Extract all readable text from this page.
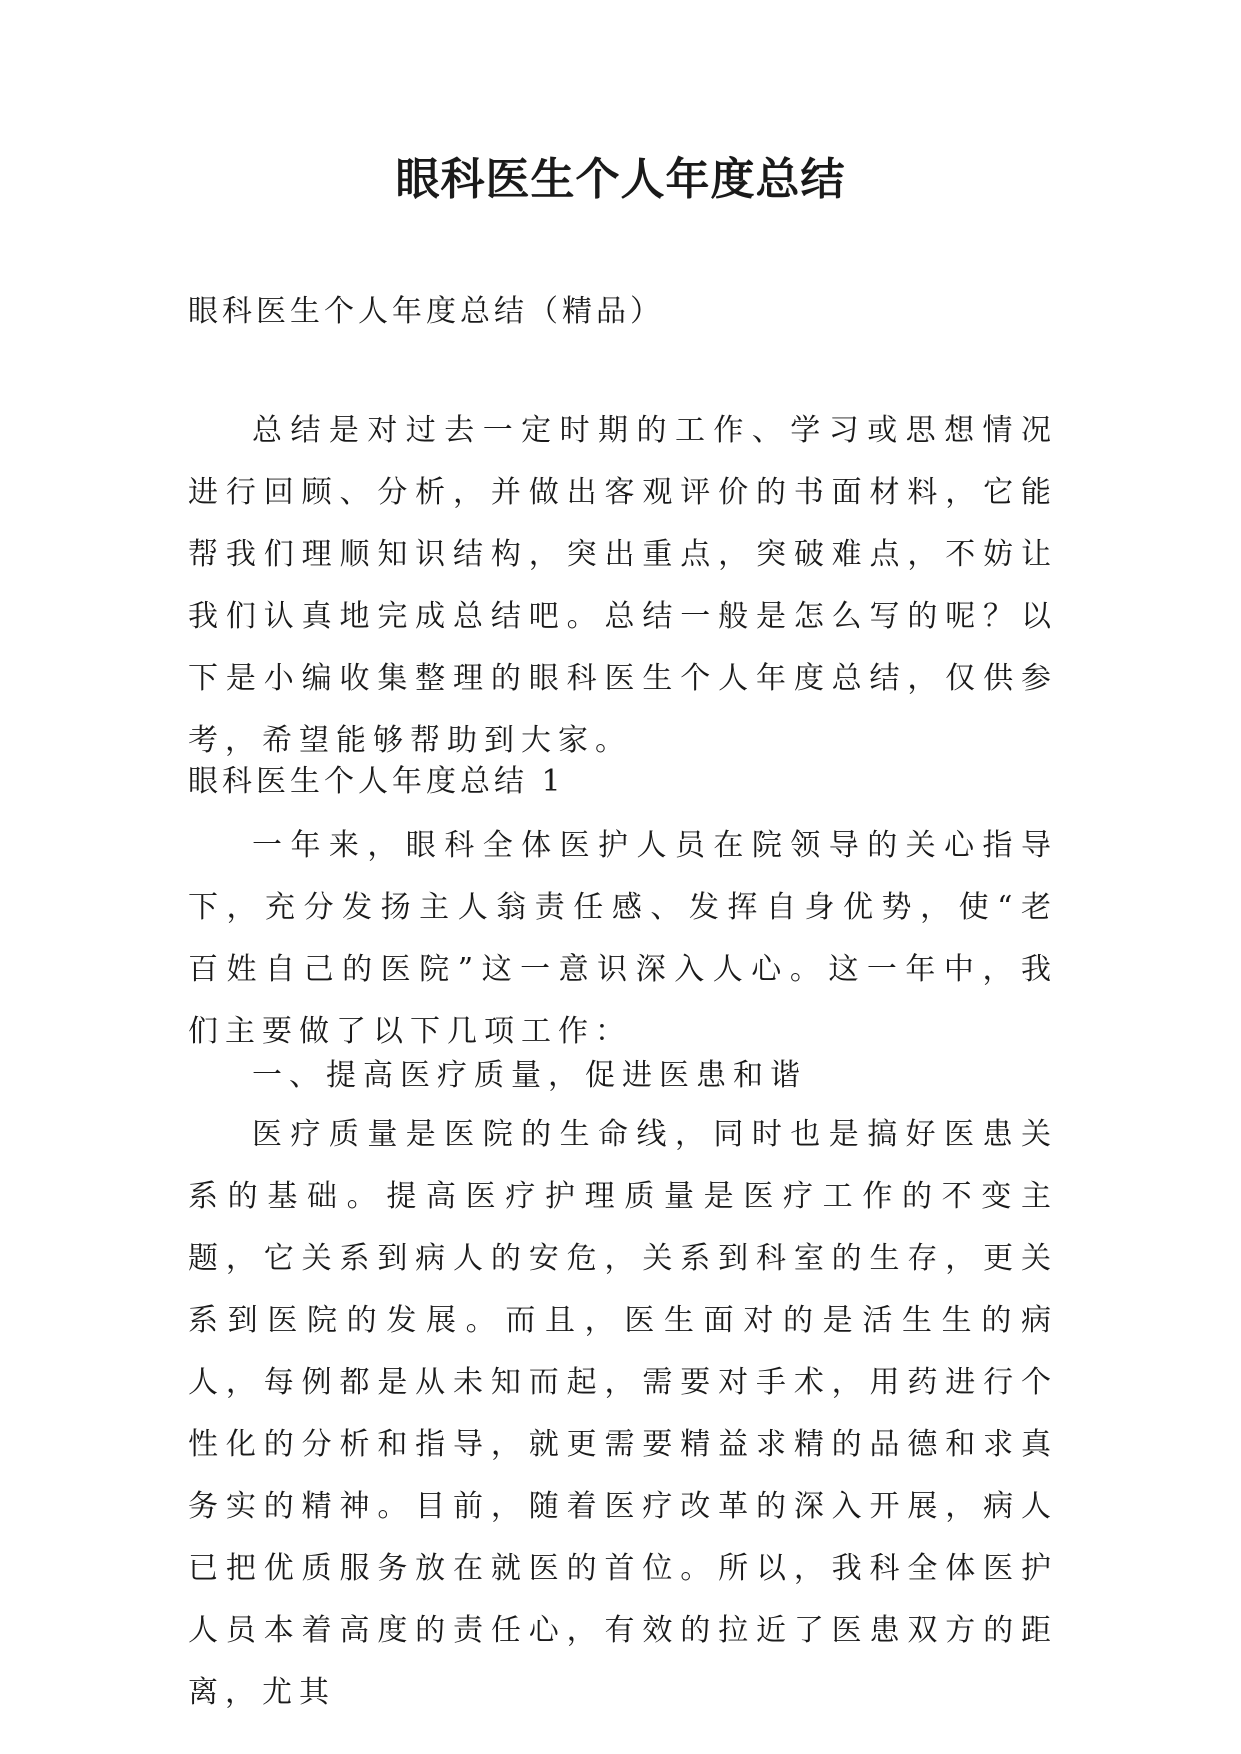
眼科医生个人年度总结

眼科医生个人年度总结（精品）

总结是对过去一定时期的工作、学习或思想情况进行回顾、分析，并做出客观评价的书面材料，它能帮我们理顺知识结构，突出重点，突破难点，不妨让我们认真地完成总结吧。总结一般是怎么写的呢？以下是小编收集整理的眼科医生个人年度总结，仅供参考，希望能够帮助到大家。

眼科医生个人年度总结 1

一年来，眼科全体医护人员在院领导的关心指导下，充分发扬主人翁责任感、发挥自身优势，使“老百姓自己的医院”这一意识深入人心。这一年中，我们主要做了以下几项工作：

一、提高医疗质量，促进医患和谐

医疗质量是医院的生命线，同时也是搞好医患关系的基础。提高医疗护理质量是医疗工作的不变主题，它关系到病人的安危，关系到科室的生存，更关系到医院的发展。而且，医生面对的是活生生的病人，每例都是从未知而起，需要对手术，用药进行个性化的分析和指导，就更需要精益求精的品德和求真务实的精神。目前，随着医疗改革的深入开展，病人已把优质服务放在就医的首位。所以，我科全体医护人员本着高度的责任心，有效的拉近了医患双方的距离，尤其
